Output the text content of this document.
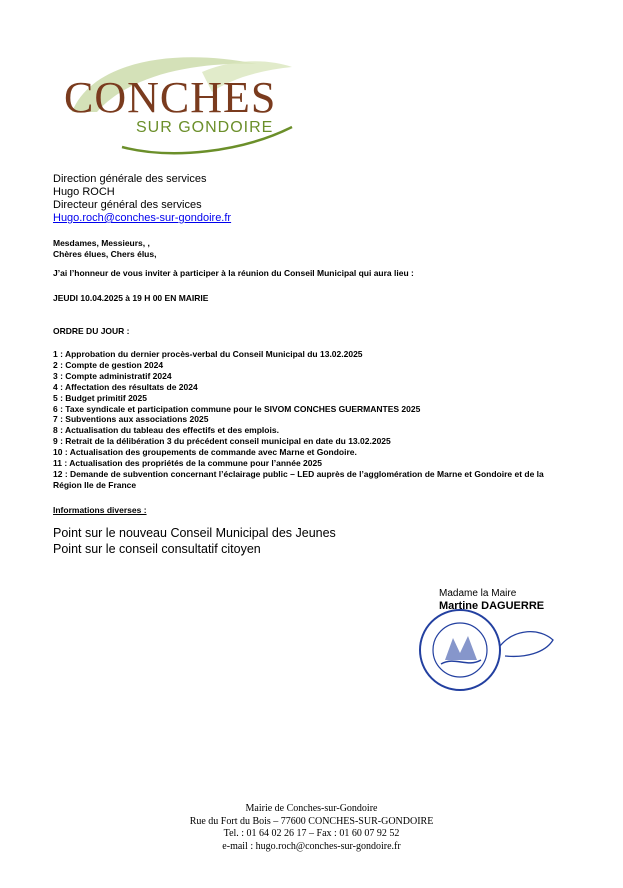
CONCHES
SUR GONDOIRE
Direction générale des services
Hugo ROCH
Directeur général des services
Hugo.roch@conches-sur-gondoire.fr
Mesdames, Messieurs, ,
Chères élues, Chers élus,
J’ai l’honneur de vous inviter à participer à la réunion du Conseil Municipal qui aura lieu :
JEUDI 10.04.2025 à 19 H 00 EN MAIRIE
ORDRE DU JOUR :
1 : Approbation du dernier procès-verbal du Conseil Municipal du 13.02.2025
2 : Compte de gestion 2024
3 : Compte administratif 2024
4 : Affectation des résultats de 2024
5 : Budget primitif 2025
6 : Taxe syndicale et participation commune pour le SIVOM CONCHES GUERMANTES 2025
7 : Subventions aux associations 2025
8 : Actualisation du tableau des effectifs et des emplois.
9 : Retrait de la délibération 3 du précédent conseil municipal en date du 13.02.2025
10 : Actualisation des groupements de commande avec Marne et Gondoire.
11 : Actualisation des propriétés de la commune pour l’année 2025
12 : Demande de subvention concernant l’éclairage public – LED auprès de l’agglomération de Marne et Gondoire et de la Région Ile de France
Informations diverses :
Point sur le nouveau Conseil Municipal des Jeunes
Point sur le conseil consultatif citoyen
Madame la Maire
Martine DAGUERRE
Mairie de Conches-sur-Gondoire
Rue du Fort du Bois – 77600 CONCHES-SUR-GONDOIRE
Tel. : 01 64 02 26 17 – Fax : 01 60 07 92 52
e-mail : hugo.roch@conches-sur-gondoire.fr
